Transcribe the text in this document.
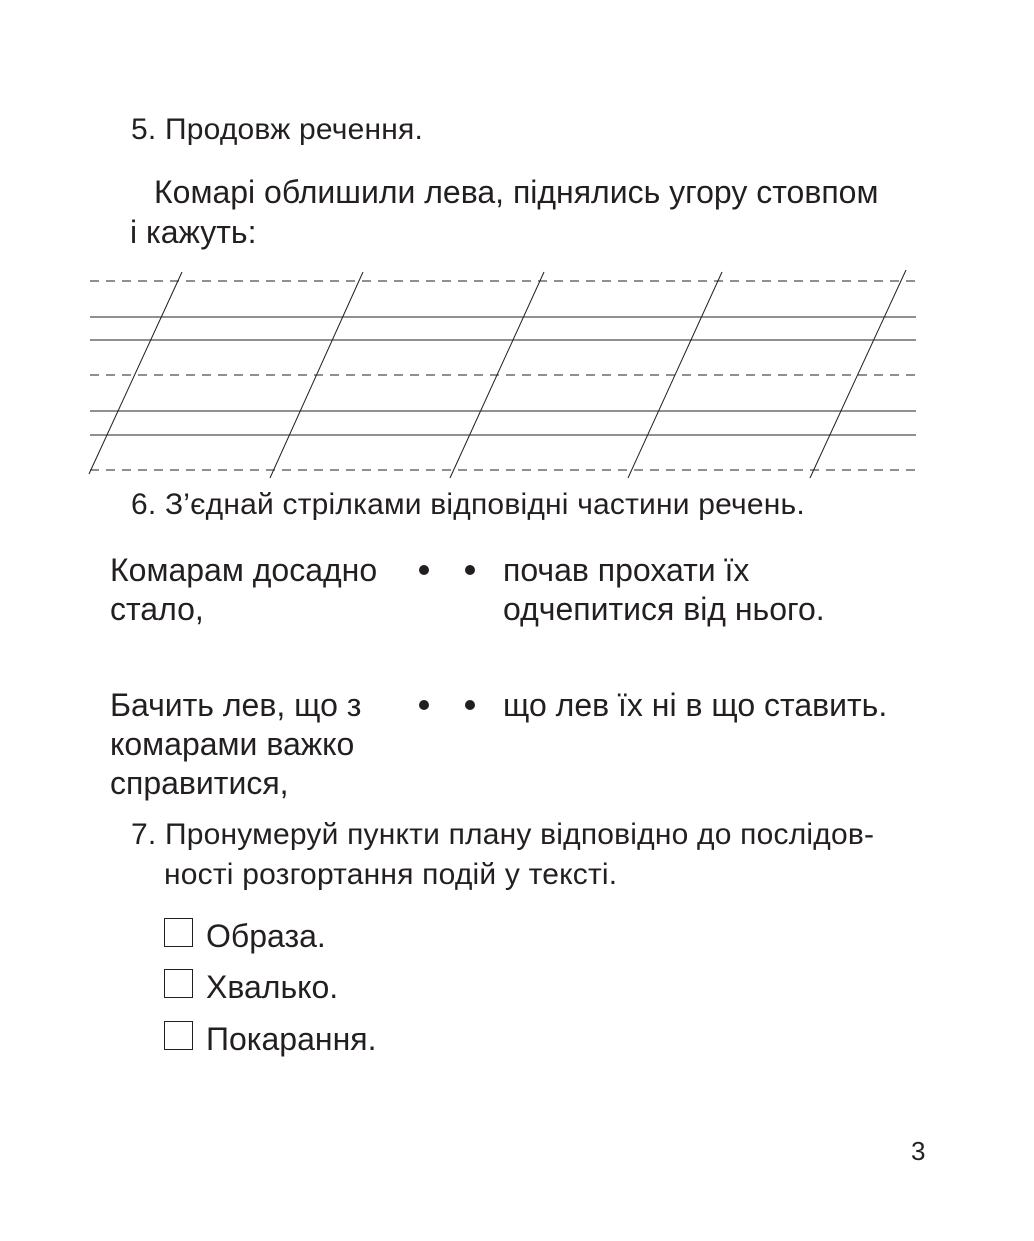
5. Продовж речення.

Комарі облишили лева, піднялись угору стовпом

і кажуть:

6. З’єднай стрілками відповідні частини речень.

Комарам досадно
стало,
почав прохати їх
одчепитися від нього.
Бачить лев, що з
комарами важко
справитися,
що лев їх ні в що ставить.

7. Пронумеруй пункти плану відповідно до послідов-

ності розгортання подій у тексті.

Образа.

Хвалько.

Покарання.

3
